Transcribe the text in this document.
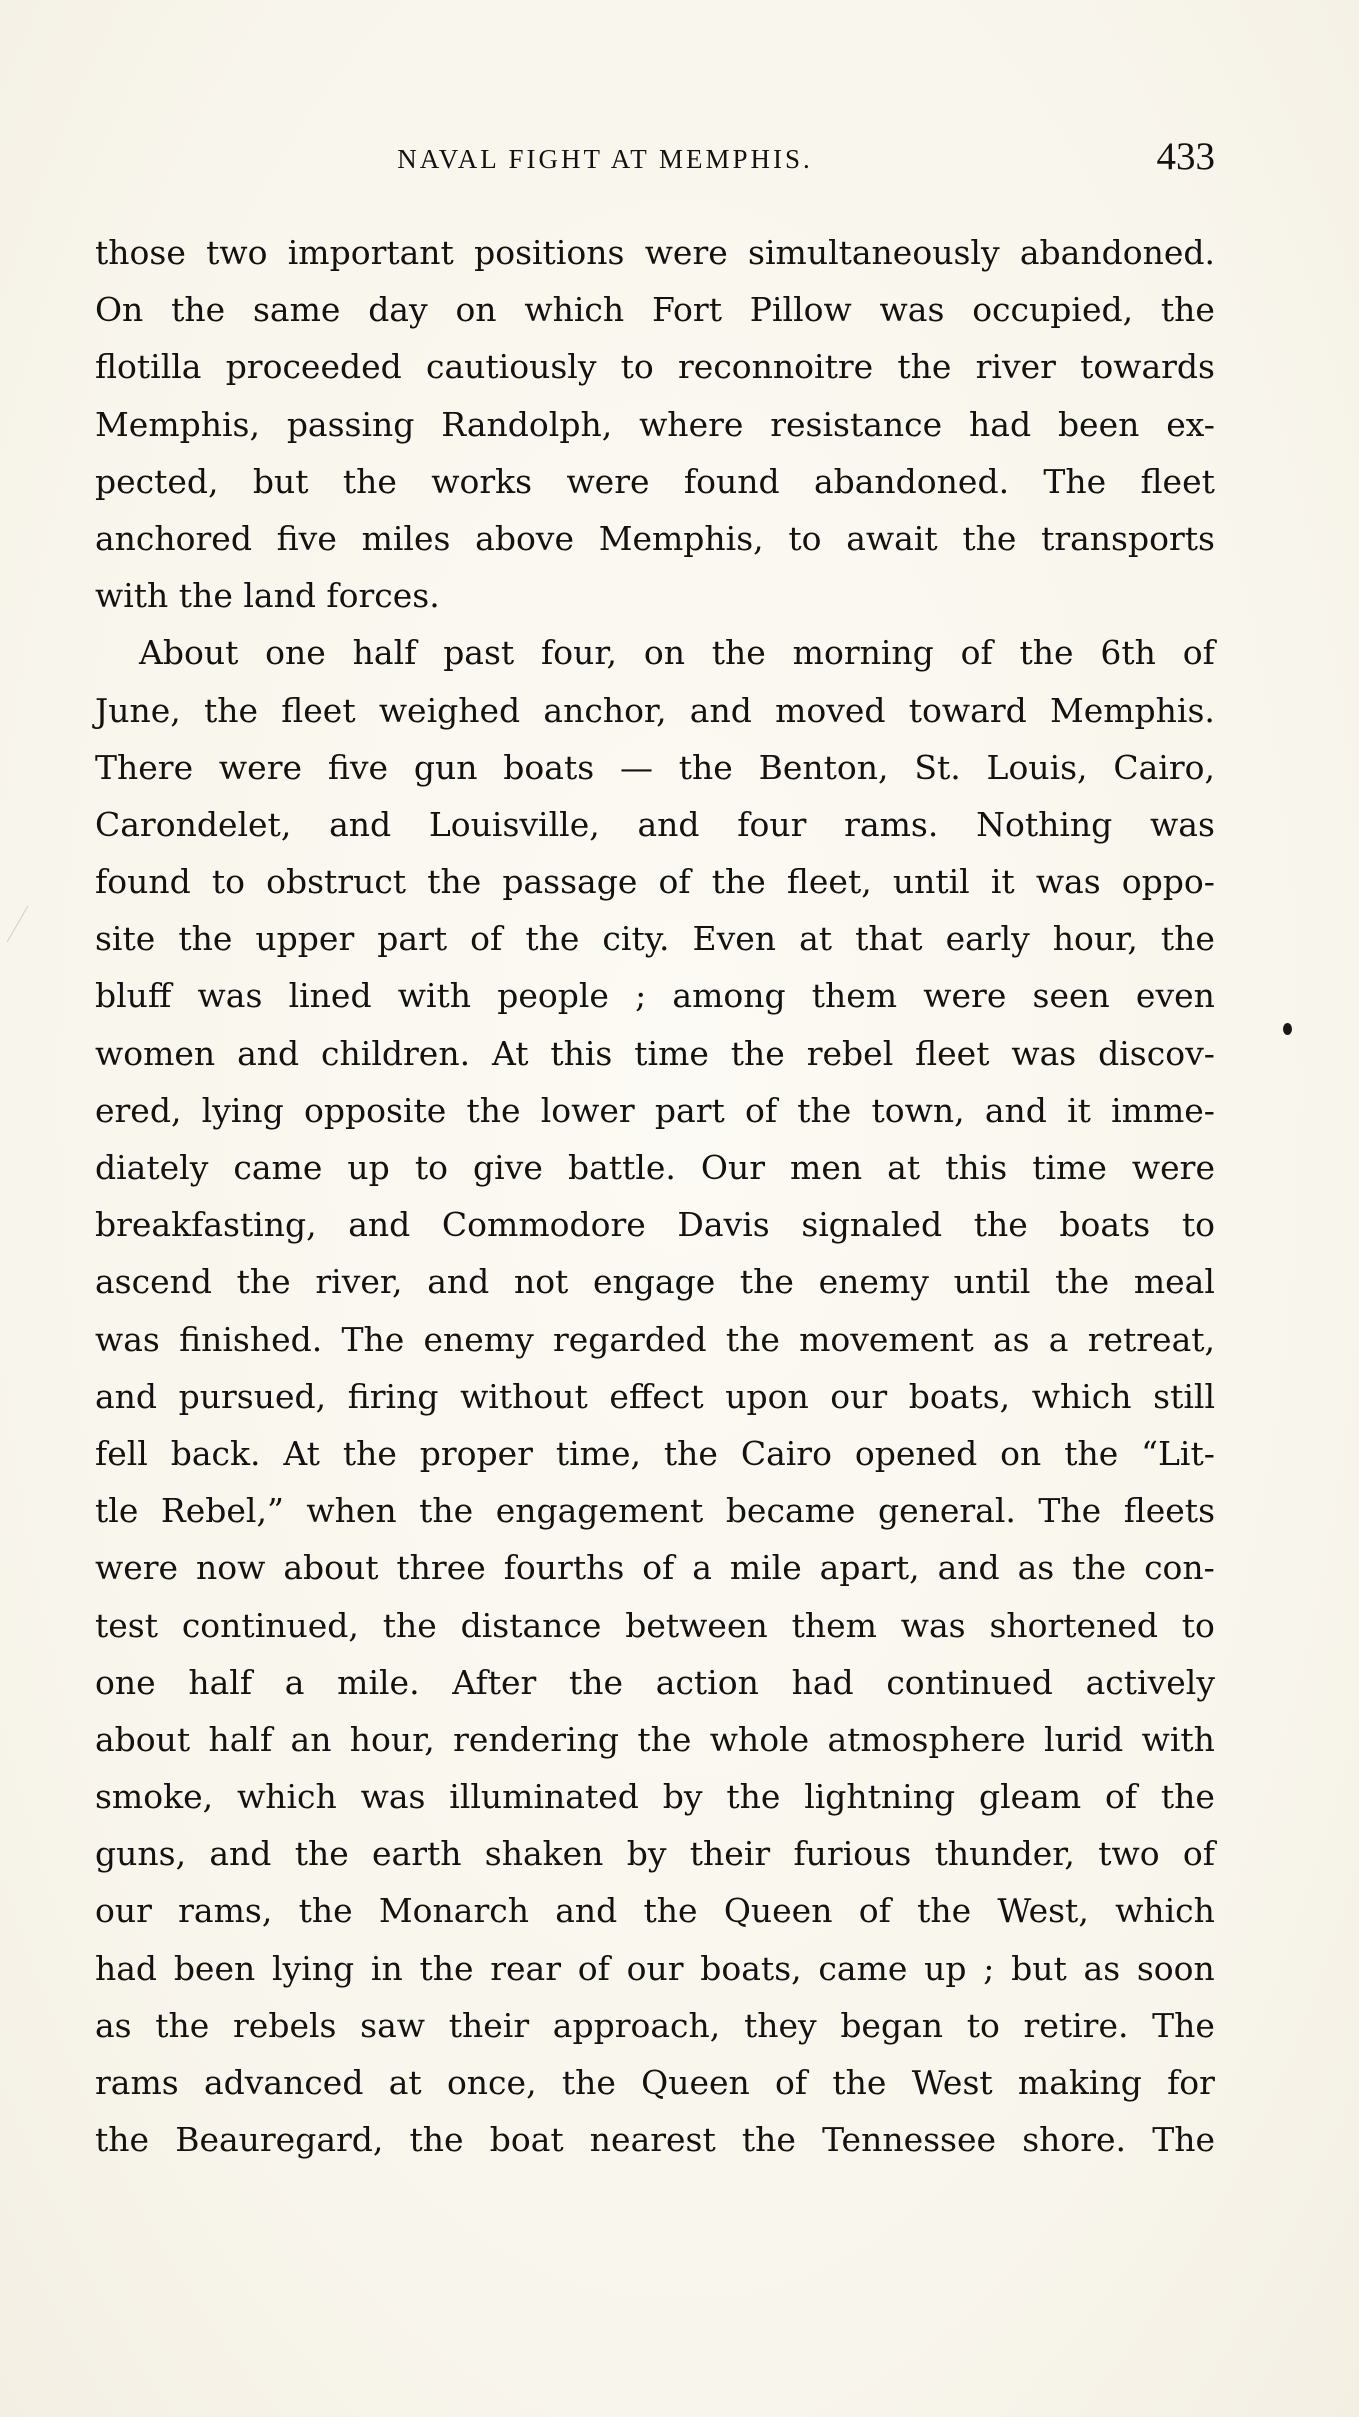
NAVAL FIGHT AT MEMPHIS.	433
those two important positions were simultaneously abandoned.
On the same day on which Fort Pillow was occupied, the
flotilla proceeded cautiously to reconnoitre the river towards
Memphis, passing Randolph, where resistance had been ex-
pected, but the works were found abandoned. The fleet
anchored five miles above Memphis, to await the transports
with the land forces.
About one half past four, on the morning of the 6th of
June, the fleet weighed anchor, and moved toward Memphis.
There were five gun boats — the Benton, St. Louis, Cairo,
Carondelet, and Louisville, and four rams. Nothing was
found to obstruct the passage of the fleet, until it was oppo-
site the upper part of the city. Even at that early hour, the
bluff was lined with people ; among them were seen even
women and children. At this time the rebel fleet was discov-
ered, lying opposite the lower part of the town, and it imme-
diately came up to give battle. Our men at this time were
breakfasting, and Commodore Davis signaled the boats to
ascend the river, and not engage the enemy until the meal
was finished. The enemy regarded the movement as a retreat,
and pursued, firing without effect upon our boats, which still
fell back. At the proper time, the Cairo opened on the “Lit-
tle Rebel,” when the engagement became general. The fleets
were now about three fourths of a mile apart, and as the con-
test continued, the distance between them was shortened to
one half a mile. After the action had continued actively
about half an hour, rendering the whole atmosphere lurid with
smoke, which was illuminated by the lightning gleam of the
guns, and the earth shaken by their furious thunder, two of
our rams, the Monarch and the Queen of the West, which
had been lying in the rear of our boats, came up ; but as soon
as the rebels saw their approach, they began to retire. The
rams advanced at once, the Queen of the West making for
the Beauregard, the boat nearest the Tennessee shore. The
